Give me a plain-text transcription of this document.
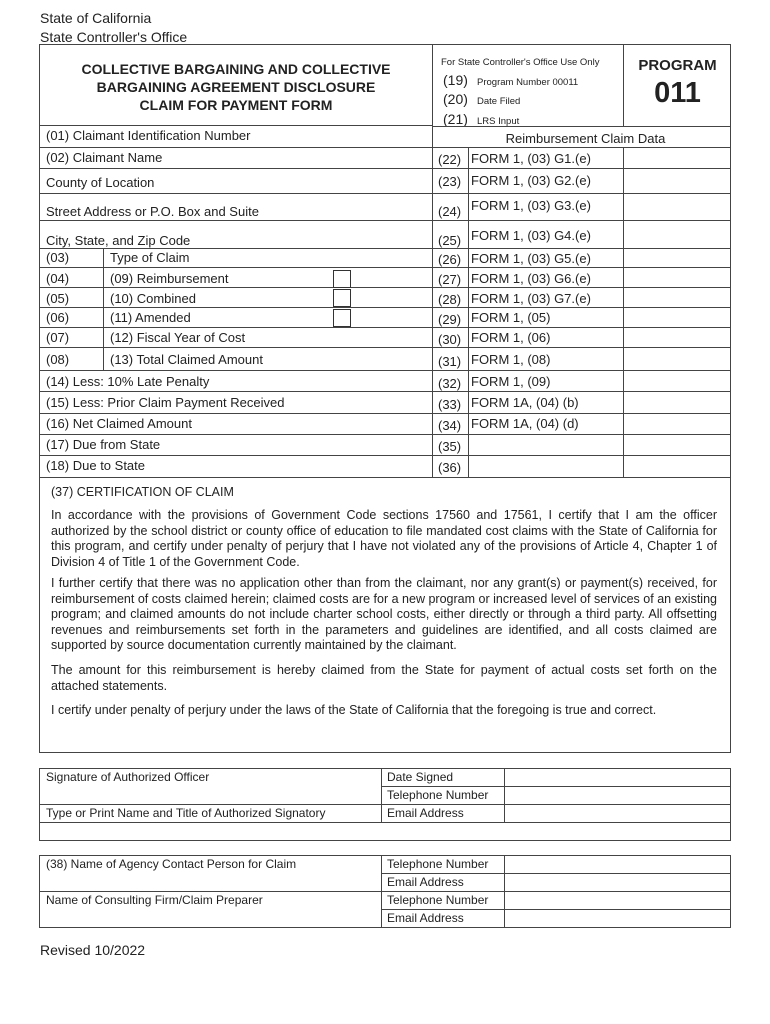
State of California
State Controller's Office
COLLECTIVE BARGAINING AND COLLECTIVE
BARGAINING AGREEMENT DISCLOSURE
CLAIM FOR PAYMENT FORM
For State Controller's Office Use Only
(19) Program Number 00011
(20) Date Filed
(21) LRS Input
PROGRAM
011
(01) Claimant Identification Number
(02) Claimant Name
County of Location
Street Address or P.O. Box and Suite
City, State, and Zip Code
(03)	Type of Claim
(04)	(09) Reimbursement
(05)	(10) Combined
(06)	(11) Amended
(07)	(12) Fiscal Year of Cost
(08)	(13) Total Claimed Amount
(14) Less: 10% Late Penalty
(15) Less: Prior Claim Payment Received
(16) Net Claimed Amount
(17) Due from State
(18) Due to State
Reimbursement Claim Data
(22) FORM 1, (03) G1.(e)
(23) FORM 1, (03) G2.(e)
(24) FORM 1, (03) G3.(e)
(25) FORM 1, (03) G4.(e)
(26) FORM 1, (03) G5.(e)
(27) FORM 1, (03) G6.(e)
(28) FORM 1, (03) G7.(e)
(29) FORM 1, (05)
(30) FORM 1, (06)
(31) FORM 1, (08)
(32) FORM 1, (09)
(33) FORM 1A, (04) (b)
(34) FORM 1A, (04) (d)
(35)
(36)
(37) CERTIFICATION OF CLAIM
In accordance with the provisions of Government Code sections 17560 and 17561, I certify that I am the officer authorized by the school district or county office of education to file mandated cost claims with the State of California for this program, and certify under penalty of perjury that I have not violated any of the provisions of Article 4, Chapter 1 of Division 4 of Title 1 of the Government Code.
I further certify that there was no application other than from the claimant, nor any grant(s) or payment(s) received, for reimbursement of costs claimed herein; claimed costs are for a new program or increased level of services of an existing program; and claimed amounts do not include charter school costs, either directly or through a third party. All offsetting revenues and reimbursements set forth in the parameters and guidelines are identified, and all costs claimed are supported by source documentation currently maintained by the claimant.
The amount for this reimbursement is hereby claimed from the State for payment of actual costs set forth on the attached statements.
I certify under penalty of perjury under the laws of the State of California that the foregoing is true and correct.
Signature of Authorized Officer	Date Signed
Telephone Number
Type or Print Name and Title of Authorized Signatory	Email Address
(38) Name of Agency Contact Person for Claim	Telephone Number
Email Address
Name of Consulting Firm/Claim Preparer	Telephone Number
Email Address
Revised 10/2022
